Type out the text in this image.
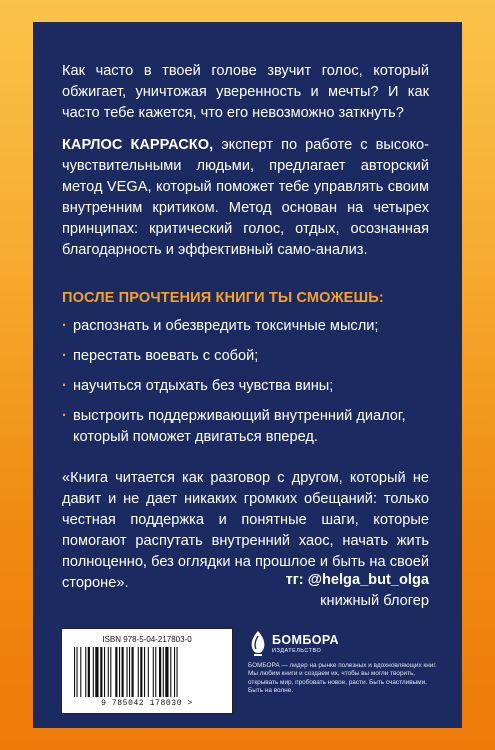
Как часто в твоей голове звучит голос, который обжигает, уничтожая уверенность и мечты? И как часто тебе кажется, что его невозможно заткнуть?
КАРЛОС КАРРАСКО, эксперт по работе с высоко-чувствительными людьми, предлагает авторский метод VEGA, который поможет тебе управлять своим внутренним критиком. Метод основан на четырех принципах: критический голос, отдых, осознанная благодарность и эффективный само-анализ.
ПОСЛЕ ПРОЧТЕНИЯ КНИГИ ТЫ СМОЖЕШЬ:
· распознать и обезвредить токсичные мысли;
· перестать воевать с собой;
· научиться отдыхать без чувства вины;
· выстроить поддерживающий внутренний диалог, который поможет двигаться вперед.
«Книга читается как разговор с другом, который не давит и не дает никаких громких обещаний: только честная поддержка и понятные шаги, которые помогают распутать внутренний хаос, начать жить полноценно, без оглядки на прошлое и быть на своей стороне».	тг: @helga_but_olga
книжный блогер
ISBN 978-5-04-217803-0
9 785042 178030 >
БОМБОРА
ИЗДАТЕЛЬСТВО
БОМБОРА — лидер на рынке полезных и вдохновляющих книг. Мы любим книги и создаем их, чтобы вы могли творить, открывать мир, пробовать новое, расти. Быть счастливыми. Быть на волне.
